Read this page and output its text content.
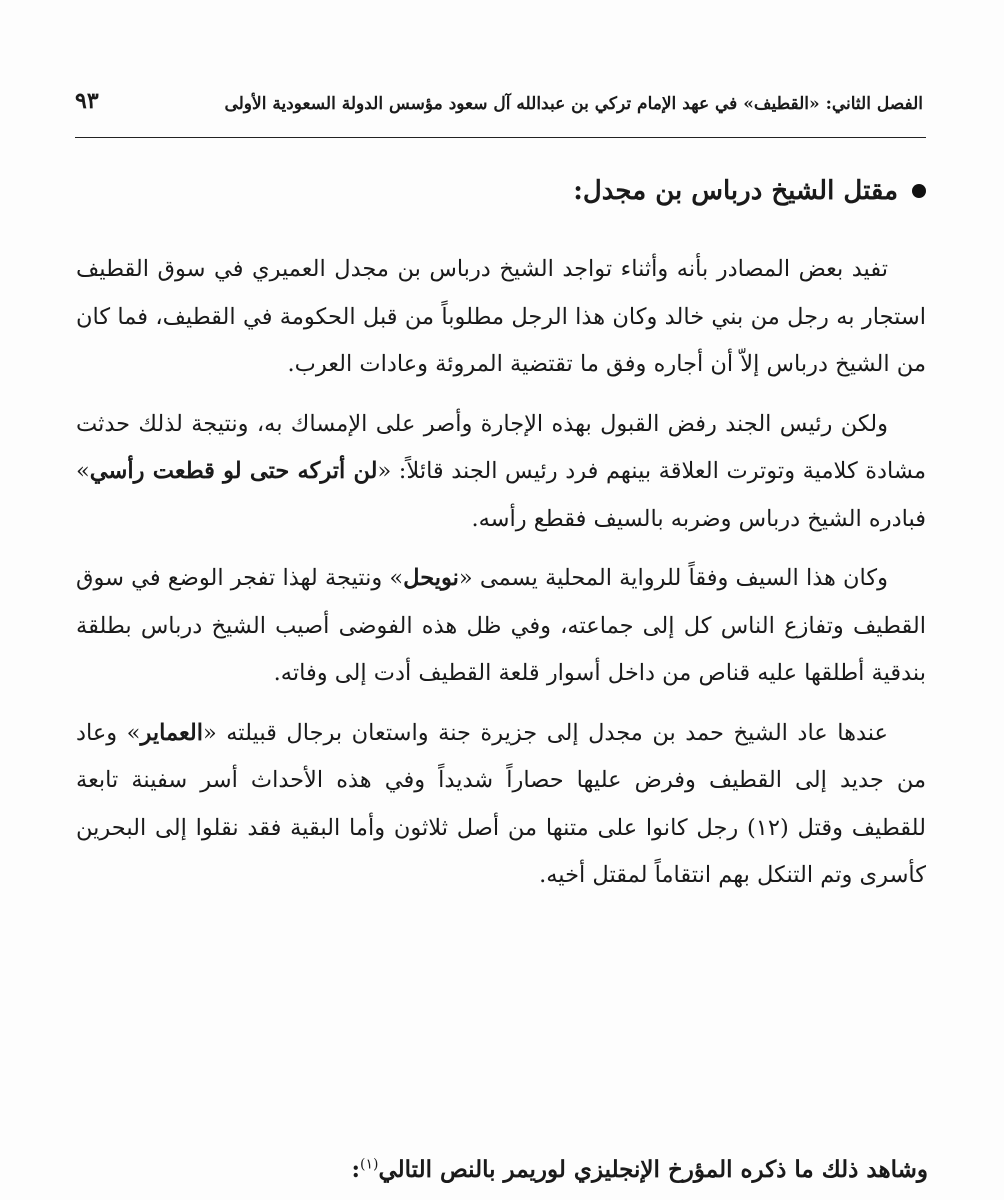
الفصل الثاني: «القطيف» في عهد الإمام تركي بن عبدالله آل سعود مؤسس الدولة السعودية الأولى
٩٣
مقتل الشيخ درباس بن مجدل:

تفيد بعض المصادر بأنه وأثناء تواجد الشيخ درباس بن مجدل العميري في سوق القطيف استجار به رجل من بني خالد وكان هذا الرجل مطلوباً من قبل الحكومة في القطيف، فما كان من الشيخ درباس إلاّ أن أجاره وفق ما تقتضية المروئة وعادات العرب.

ولكن رئيس الجند رفض القبول بهذه الإجارة وأصر على الإمساك به، ونتيجة لذلك حدثت مشادة كلامية وتوترت العلاقة بينهم فرد رئيس الجند قائلاً: «لن أتركه حتى لو قطعت رأسي» فبادره الشيخ درباس وضربه بالسيف فقطع رأسه.

وكان هذا السيف وفقاً للرواية المحلية يسمى «نويحل» ونتيجة لهذا تفجر الوضع في سوق القطيف وتفازع الناس كل إلى جماعته، وفي ظل هذه الفوضى أصيب الشيخ درباس بطلقة بندقية أطلقها عليه قناص من داخل أسوار قلعة القطيف أدت إلى وفاته.

عندها عاد الشيخ حمد بن مجدل إلى جزيرة جنة واستعان برجال قبيلته «العماير» وعاد من جديد إلى القطيف وفرض عليها حصاراً شديداً وفي هذه الأحداث أسر سفينة تابعة للقطيف وقتل (١٢) رجل كانوا على متنها من أصل ثلاثون وأما البقية فقد نقلوا إلى البحرين كأسرى وتم التنكل بهم انتقاماً لمقتل أخيه.

وشاهد ذلك ما ذكره المؤرخ الإنجليزي لوريمر بالنص التالي$^{(١)}$:
